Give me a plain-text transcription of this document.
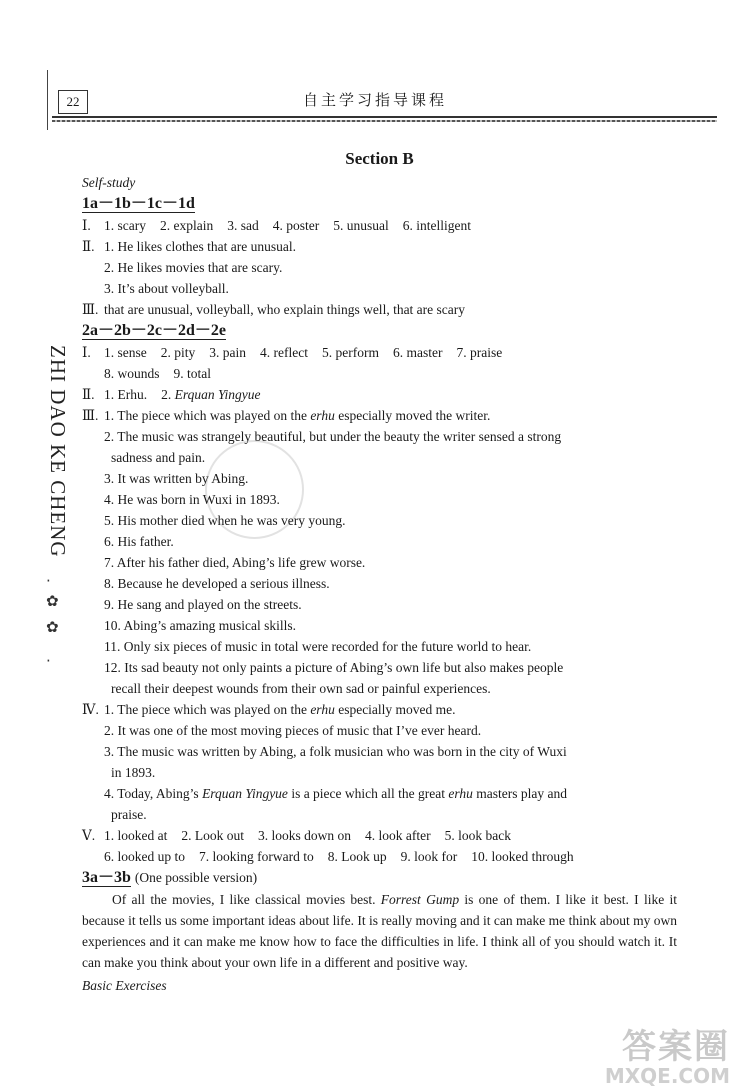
22	自主学习指导课程
ZHI DAO KE CHENG
·
✿
✿
·
Section B
Self-study
1a－1b－1c－1d
Ⅰ. 1. scary 2. explain 3. sad 4. poster 5. unusual 6. intelligent
Ⅱ. 1. He likes clothes that are unusual.
2. He likes movies that are scary.
3. It’s about volleyball.
Ⅲ. that are unusual, volleyball, who explain things well, that are scary
2a－2b－2c－2d－2e
Ⅰ. 1. sense 2. pity 3. pain 4. reflect 5. perform 6. master 7. praise
8. wounds 9. total
Ⅱ. 1. Erhu. 2. Erquan Yingyue
Ⅲ. 1. The piece which was played on the erhu especially moved the writer.
2. The music was strangely beautiful, but under the beauty the writer sensed a strong
sadness and pain.
3. It was written by Abing.
4. He was born in Wuxi in 1893.
5. His mother died when he was very young.
6. His father.
7. After his father died, Abing’s life grew worse.
8. Because he developed a serious illness.
9. He sang and played on the streets.
10. Abing’s amazing musical skills.
11. Only six pieces of music in total were recorded for the future world to hear.
12. Its sad beauty not only paints a picture of Abing’s own life but also makes people
recall their deepest wounds from their own sad or painful experiences.
Ⅳ. 1. The piece which was played on the erhu especially moved me.
2. It was one of the most moving pieces of music that I’ve ever heard.
3. The music was written by Abing, a folk musician who was born in the city of Wuxi
in 1893.
4. Today, Abing’s Erquan Yingyue is a piece which all the great erhu masters play and
praise.
Ⅴ. 1. looked at 2. Look out 3. looks down on 4. look after 5. look back
6. looked up to 7. looking forward to 8. Look up 9. look for 10. looked through
3a－3b (One possible version)
Of all the movies, I like classical movies best. Forrest Gump is one of them. I like it best. I like it because it tells us some important ideas about life. It is really moving and it can make me think about my own experiences and it can make me know how to face the difficulties in life. I think all of you should watch it. It can make you think about your own life in a different and positive way.
Basic Exercises
答案圈
MXQE.COM
